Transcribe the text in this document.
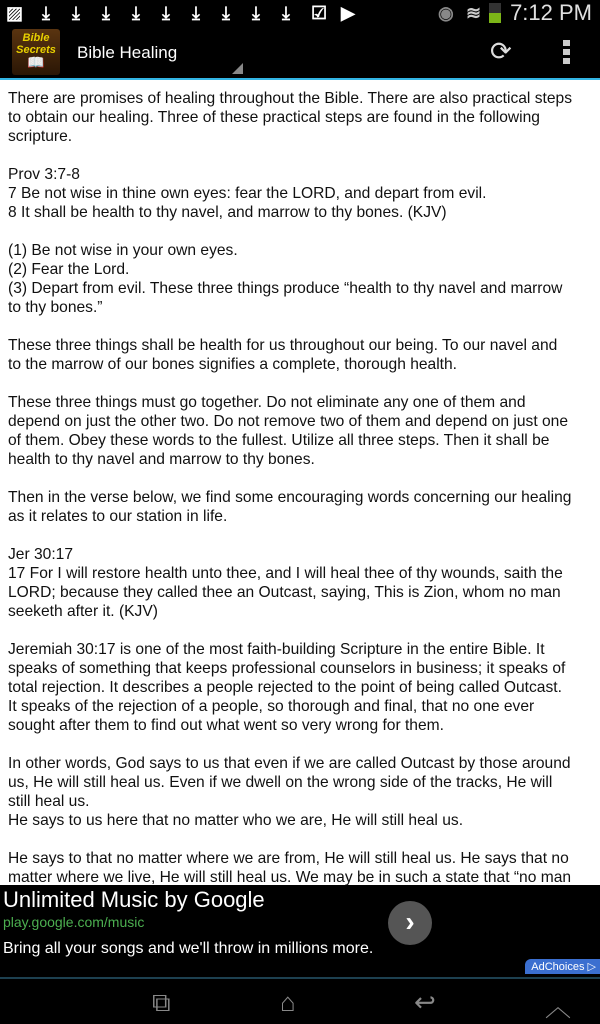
▨ ⤓ ⤓ ⤓ ⤓ ⤓ ⤓ ⤓ ⤓ ⤓ ☑ ▶	◉ ≋ 7:12 PM
Bible
Secrets
📖	Bible Healing	⟳
There are promises of healing throughout the Bible. There are also practical steps
to obtain our healing. Three of these practical steps are found in the following
scripture.
Prov 3:7-8
7 Be not wise in thine own eyes: fear the LORD, and depart from evil.
8 It shall be health to thy navel, and marrow to thy bones. (KJV)
(1) Be not wise in your own eyes.
(2) Fear the Lord.
(3) Depart from evil. These three things produce “health to thy navel and marrow
to thy bones.”
These three things shall be health for us throughout our being. To our navel and
to the marrow of our bones signifies a complete, thorough health.
These three things must go together. Do not eliminate any one of them and
depend on just the other two. Do not remove two of them and depend on just one
of them. Obey these words to the fullest. Utilize all three steps. Then it shall be
health to thy navel and marrow to thy bones.
Then in the verse below, we find some encouraging words concerning our healing
as it relates to our station in life.
Jer 30:17
17 For I will restore health unto thee, and I will heal thee of thy wounds, saith the
LORD; because they called thee an Outcast, saying, This is Zion, whom no man
seeketh after it. (KJV)
Jeremiah 30:17 is one of the most faith-building Scripture in the entire Bible. It
speaks of something that keeps professional counselors in business; it speaks of
total rejection. It describes a people rejected to the point of being called Outcast.
It speaks of the rejection of a people, so thorough and final, that no one ever
sought after them to find out what went so very wrong for them.
In other words, God says to us that even if we are called Outcast by those around
us, He will still heal us. Even if we dwell on the wrong side of the tracks, He will
still heal us.
He says to us here that no matter who we are, He will still heal us.
He says to that no matter where we are from, He will still heal us. He says that no
matter where we live, He will still heal us. We may be in such a state that “no man
Unlimited Music by Google
play.google.com/music
Bring all your songs and we'll throw in millions more.
›
AdChoices ▷
⧉	⌂	↩	︿
